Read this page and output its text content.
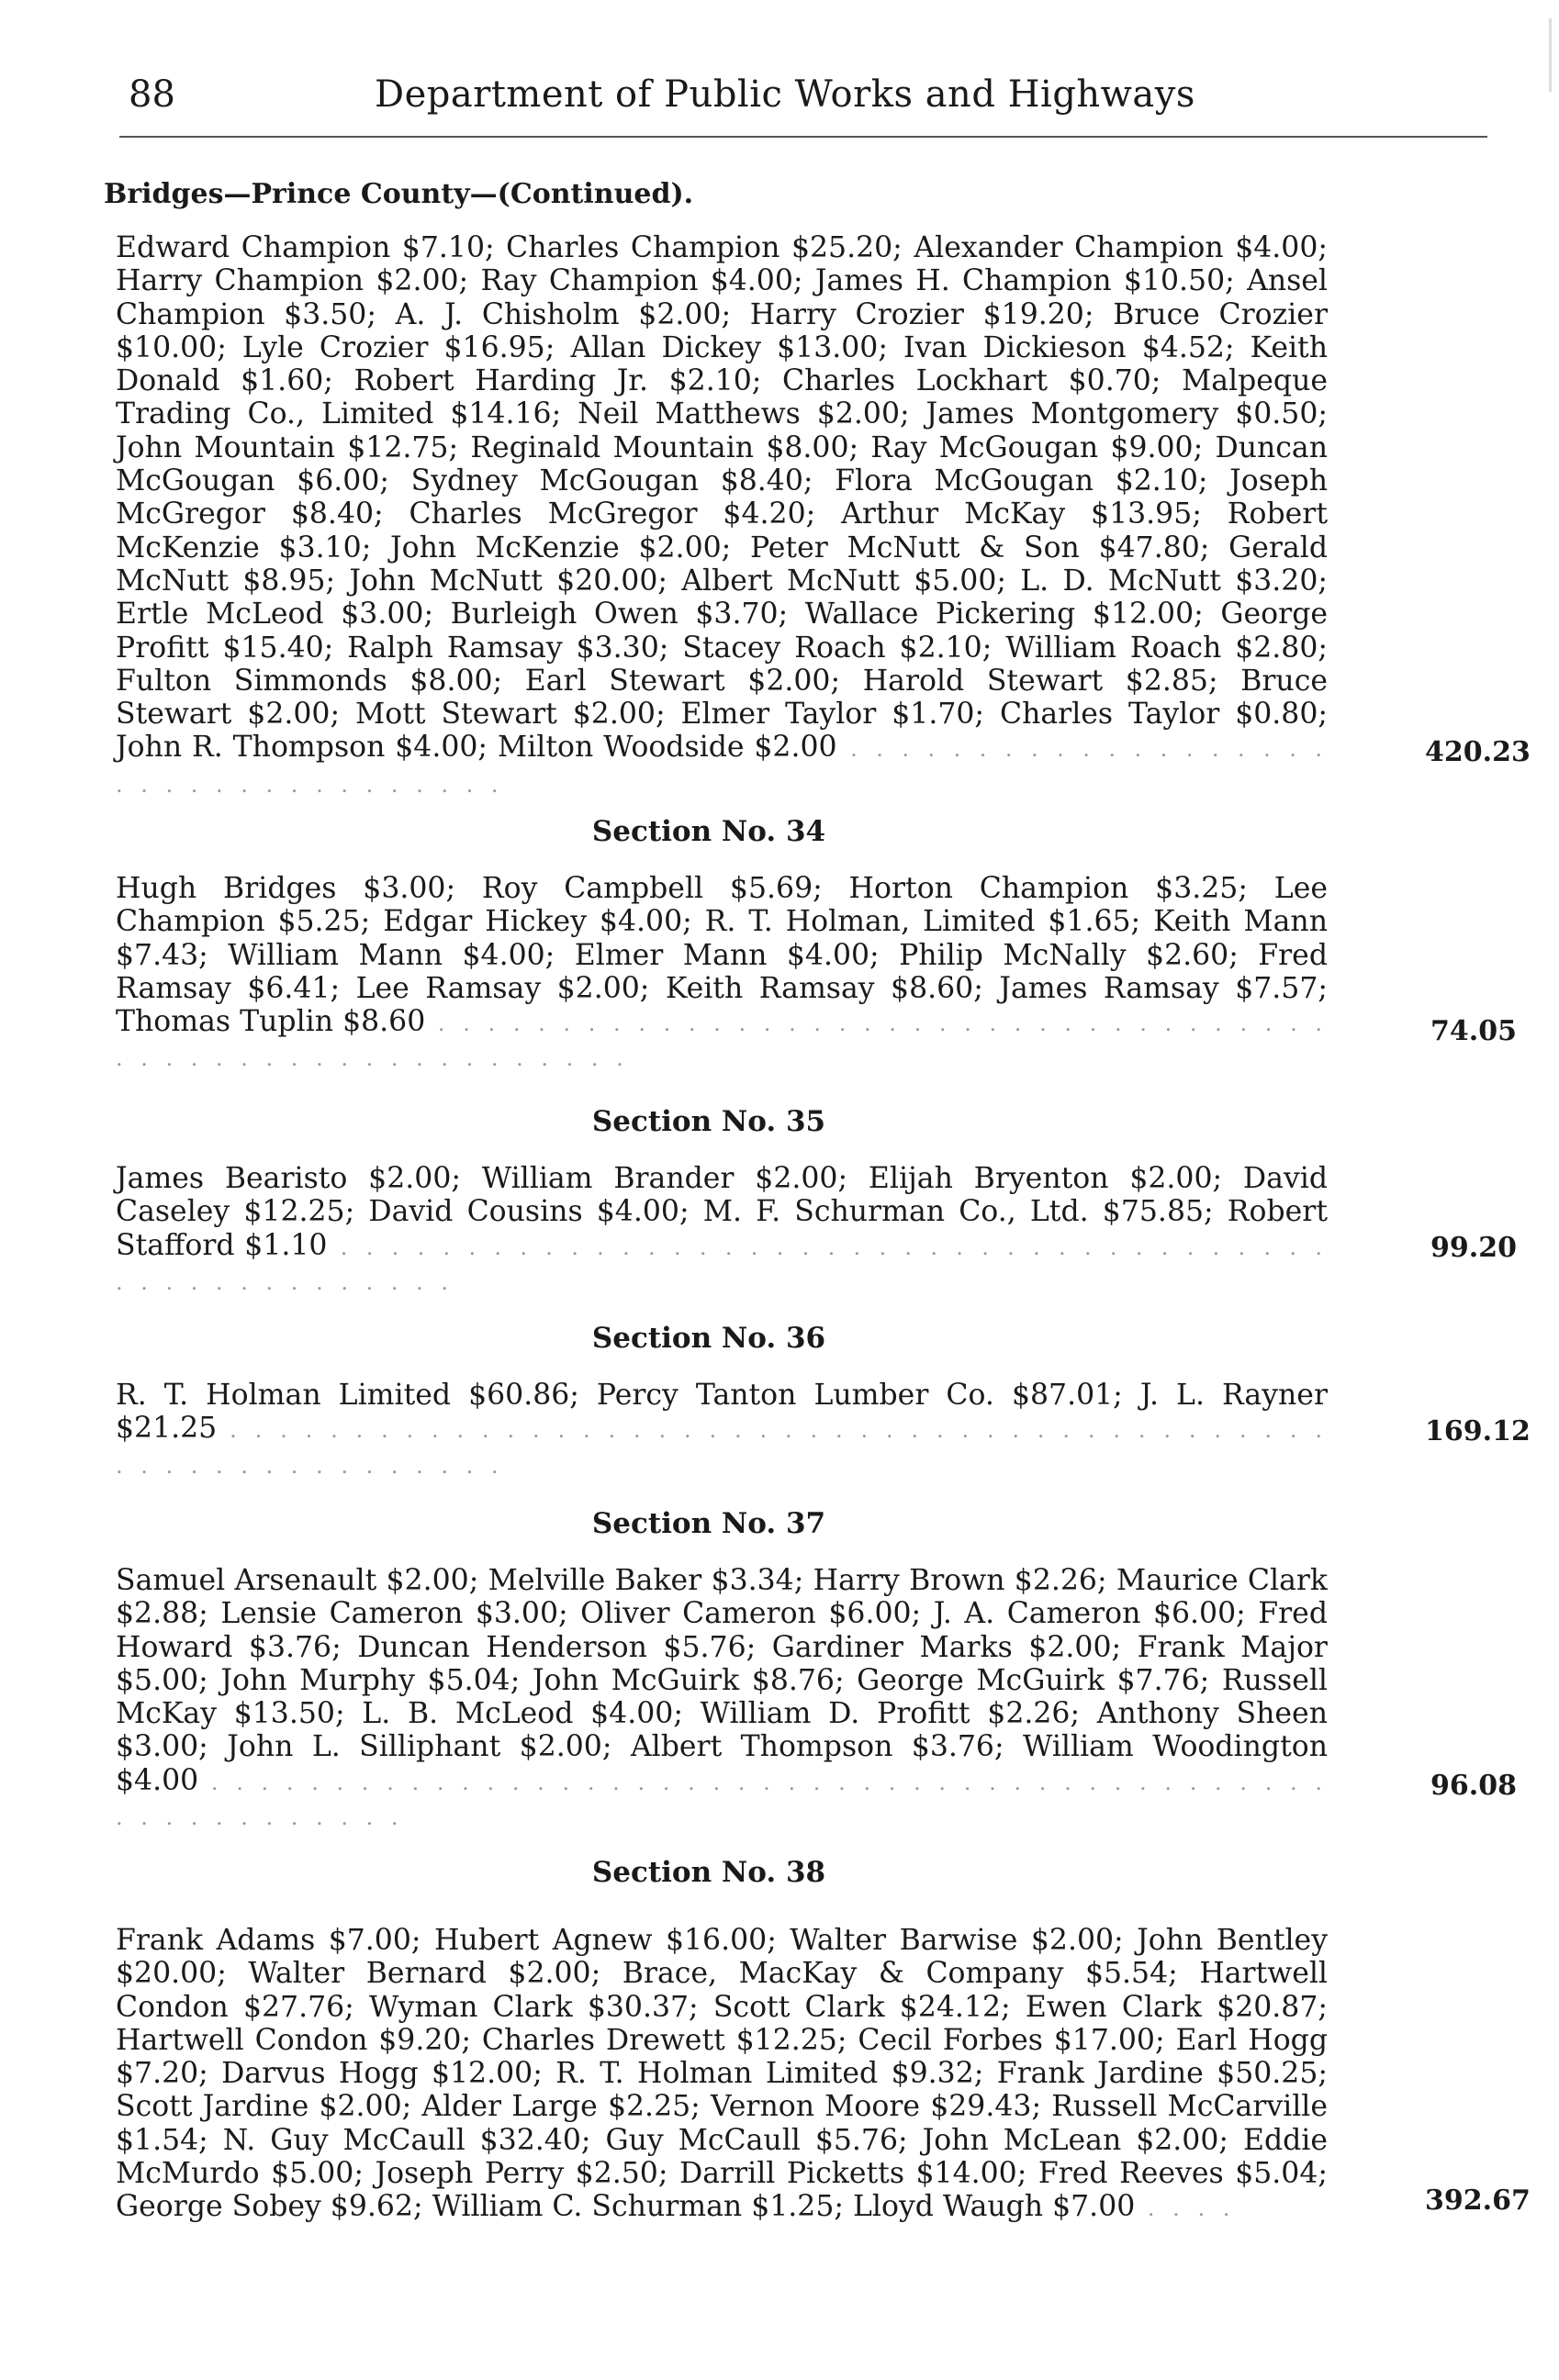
88	Department of Public Works and Highways
Bridges—Prince County—(Continued).
Edward Champion $7.10; Charles Champion $25.20; Alexander Champion $4.00; Harry Champion $2.00; Ray Champion $4.00; James H. Champion $10.50; Ansel Champion $3.50; A. J. Chisholm $2.00; Harry Crozier $19.20; Bruce Crozier $10.00; Lyle Crozier $16.95; Allan Dickey $13.00; Ivan Dickieson $4.52; Keith Donald $1.60; Robert Harding Jr. $2.10; Charles Lockhart $0.70; Malpeque Trading Co., Limited $14.16; Neil Matthews $2.00; James Montgomery $0.50; John Mountain $12.75; Reginald Mountain $8.00; Ray McGougan $9.00; Duncan McGougan $6.00; Sydney McGougan $8.40; Flora McGougan $2.10; Joseph McGregor $8.40; Charles McGregor $4.20; Arthur McKay $13.95; Robert McKenzie $3.10; John McKenzie $2.00; Peter McNutt & Son $47.80; Gerald McNutt $8.95; John McNutt $20.00; Albert McNutt $5.00; L. D. McNutt $3.20; Ertle McLeod $3.00; Burleigh Owen $3.70; Wallace Pickering $12.00; George Profitt $15.40; Ralph Ramsay $3.30; Stacey Roach $2.10; William Roach $2.80; Fulton Simmonds $8.00; Earl Stewart $2.00; Harold Stewart $2.85; Bruce Stewart $2.00; Mott Stewart $2.00; Elmer Taylor $1.70; Charles Taylor $0.80; John R. Thompson $4.00; Milton Woodside $2.00 . . . . . . . . . . . . . . . . . . . . . . . . . . . . . . . . . . .
420.23
Section No. 34
Hugh Bridges $3.00; Roy Campbell $5.69; Horton Champion $3.25; Lee Champion $5.25; Edgar Hickey $4.00; R. T. Holman, Limited $1.65; Keith Mann $7.43; William Mann $4.00; Elmer Mann $4.00; Philip McNally $2.60; Fred Ramsay $6.41; Lee Ramsay $2.00; Keith Ramsay $8.60; James Ramsay $7.57; Thomas Tuplin $8.60 . . . . . . . . . . . . . . . . . . . . . . . . . . . . . . . . . . . . . . . . . . . . . . . . . . . . . . . . .
74.05
Section No. 35
James Bearisto $2.00; William Brander $2.00; Elijah Bryenton $2.00; David Caseley $12.25; David Cousins $4.00; M. F. Schurman Co., Ltd. $75.85; Robert Stafford $1.10 . . . . . . . . . . . . . . . . . . . . . . . . . . . . . . . . . . . . . . . . . . . . . . . . . . . . .
99.20
Section No. 36
R. T. Holman Limited $60.86; Percy Tanton Lumber Co. $87.01; J. L. Rayner $21.25 . . . . . . . . . . . . . . . . . . . . . . . . . . . . . . . . . . . . . . . . . . . . . . . . . . . . . . . . . . . .
169.12
Section No. 37
Samuel Arsenault $2.00; Melville Baker $3.34; Harry Brown $2.26; Maurice Clark $2.88; Lensie Cameron $3.00; Oliver Cameron $6.00; J. A. Cameron $6.00; Fred Howard $3.76; Duncan Henderson $5.76; Gardiner Marks $2.00; Frank Major $5.00; John Murphy $5.04; John McGuirk $8.76; George McGuirk $7.76; Russell McKay $13.50; L. B. McLeod $4.00; William D. Profitt $2.26; Anthony Sheen $3.00; John L. Silliphant $2.00; Albert Thompson $3.76; William Woodington $4.00 . . . . . . . . . . . . . . . . . . . . . . . . . . . . . . . . . . . . . . . . . . . . . . . . . . . . . . . . .
96.08
Section No. 38
Frank Adams $7.00; Hubert Agnew $16.00; Walter Barwise $2.00; John Bentley $20.00; Walter Bernard $2.00; Brace, MacKay & Company $5.54; Hartwell Condon $27.76; Wyman Clark $30.37; Scott Clark $24.12; Ewen Clark $20.87; Hartwell Condon $9.20; Charles Drewett $12.25; Cecil Forbes $17.00; Earl Hogg $7.20; Darvus Hogg $12.00; R. T. Holman Limited $9.32; Frank Jardine $50.25; Scott Jardine $2.00; Alder Large $2.25; Vernon Moore $29.43; Russell McCarville $1.54; N. Guy McCaull $32.40; Guy McCaull $5.76; John McLean $2.00; Eddie McMurdo $5.00; Joseph Perry $2.50; Darrill Picketts $14.00; Fred Reeves $5.04; George Sobey $9.62; William C. Schurman $1.25; Lloyd Waugh $7.00 . . . .	392.67
